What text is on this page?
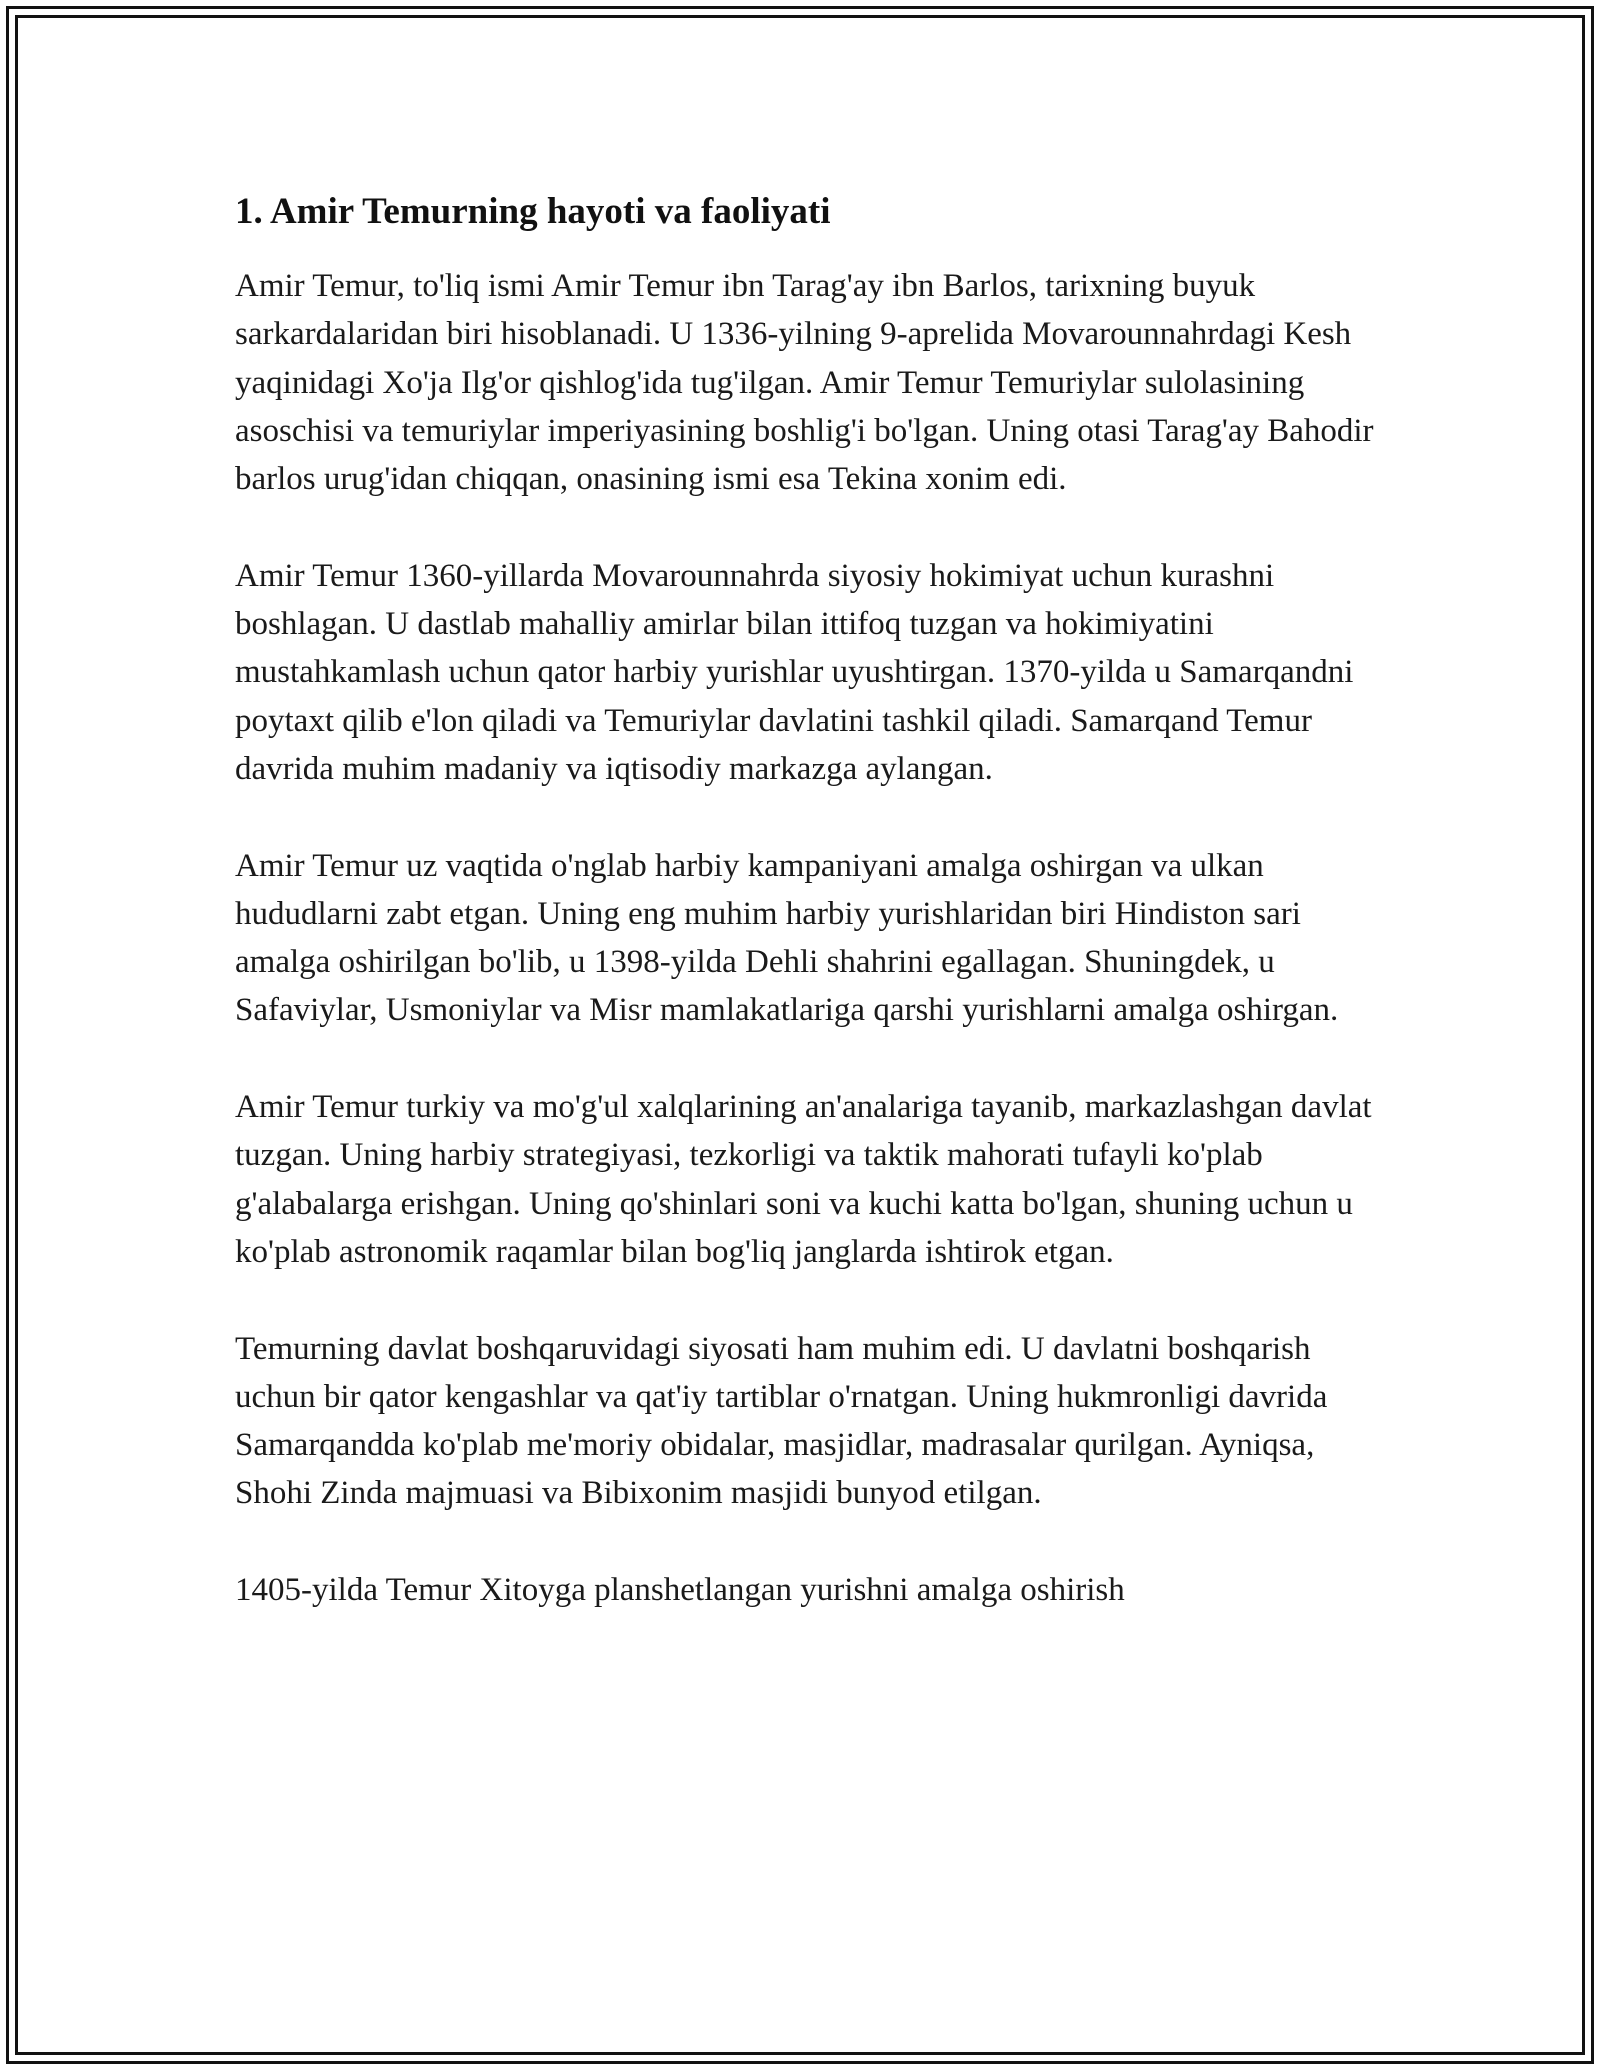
1. Amir Temurning hayoti va faoliyati

Amir Temur, to'liq ismi Amir Temur ibn Tarag'ay ibn Barlos, tarixning buyuk sarkardalaridan biri hisoblanadi. U 1336-yilning 9-aprelida Movarounnahrdagi Kesh yaqinidagi Xo'ja Ilg'or qishlog'ida tug'ilgan. Amir Temur Temuriylar sulolasining asoschisi va temuriylar imperiyasining boshlig'i bo'lgan. Uning otasi Tarag'ay Bahodir barlos urug'idan chiqqan, onasining ismi esa Tekina xonim edi.

Amir Temur 1360-yillarda Movarounnahrda siyosiy hokimiyat uchun kurashni boshlagan. U dastlab mahalliy amirlar bilan ittifoq tuzgan va hokimiyatini mustahkamlash uchun qator harbiy yurishlar uyushtirgan. 1370-yilda u Samarqandni poytaxt qilib e'lon qiladi va Temuriylar davlatini tashkil qiladi. Samarqand Temur davrida muhim madaniy va iqtisodiy markazga aylangan.

Amir Temur uz vaqtida o'nglab harbiy kampaniyani amalga oshirgan va ulkan hududlarni zabt etgan. Uning eng muhim harbiy yurishlaridan biri Hindiston sari amalga oshirilgan bo'lib, u 1398-yilda Dehli shahrini egallagan. Shuningdek, u Safaviylar, Usmoniylar va Misr mamlakatlariga qarshi yurishlarni amalga oshirgan.

Amir Temur turkiy va mo'g'ul xalqlarining an'analariga tayanib, markazlashgan davlat tuzgan. Uning harbiy strategiyasi, tezkorligi va taktik mahorati tufayli ko'plab g'alabalarga erishgan. Uning qo'shinlari soni va kuchi katta bo'lgan, shuning uchun u ko'plab astronomik raqamlar bilan bog'liq janglarda ishtirok etgan.

Temurning davlat boshqaruvidagi siyosati ham muhim edi. U davlatni boshqarish uchun bir qator kengashlar va qat'iy tartiblar o'rnatgan. Uning hukmronligi davrida Samarqandda ko'plab me'moriy obidalar, masjidlar, madrasalar qurilgan. Ayniqsa, Shohi Zinda majmuasi va Bibixonim masjidi bunyod etilgan.

1405-yilda Temur Xitoyga planshetlangan yurishni amalga oshirish
